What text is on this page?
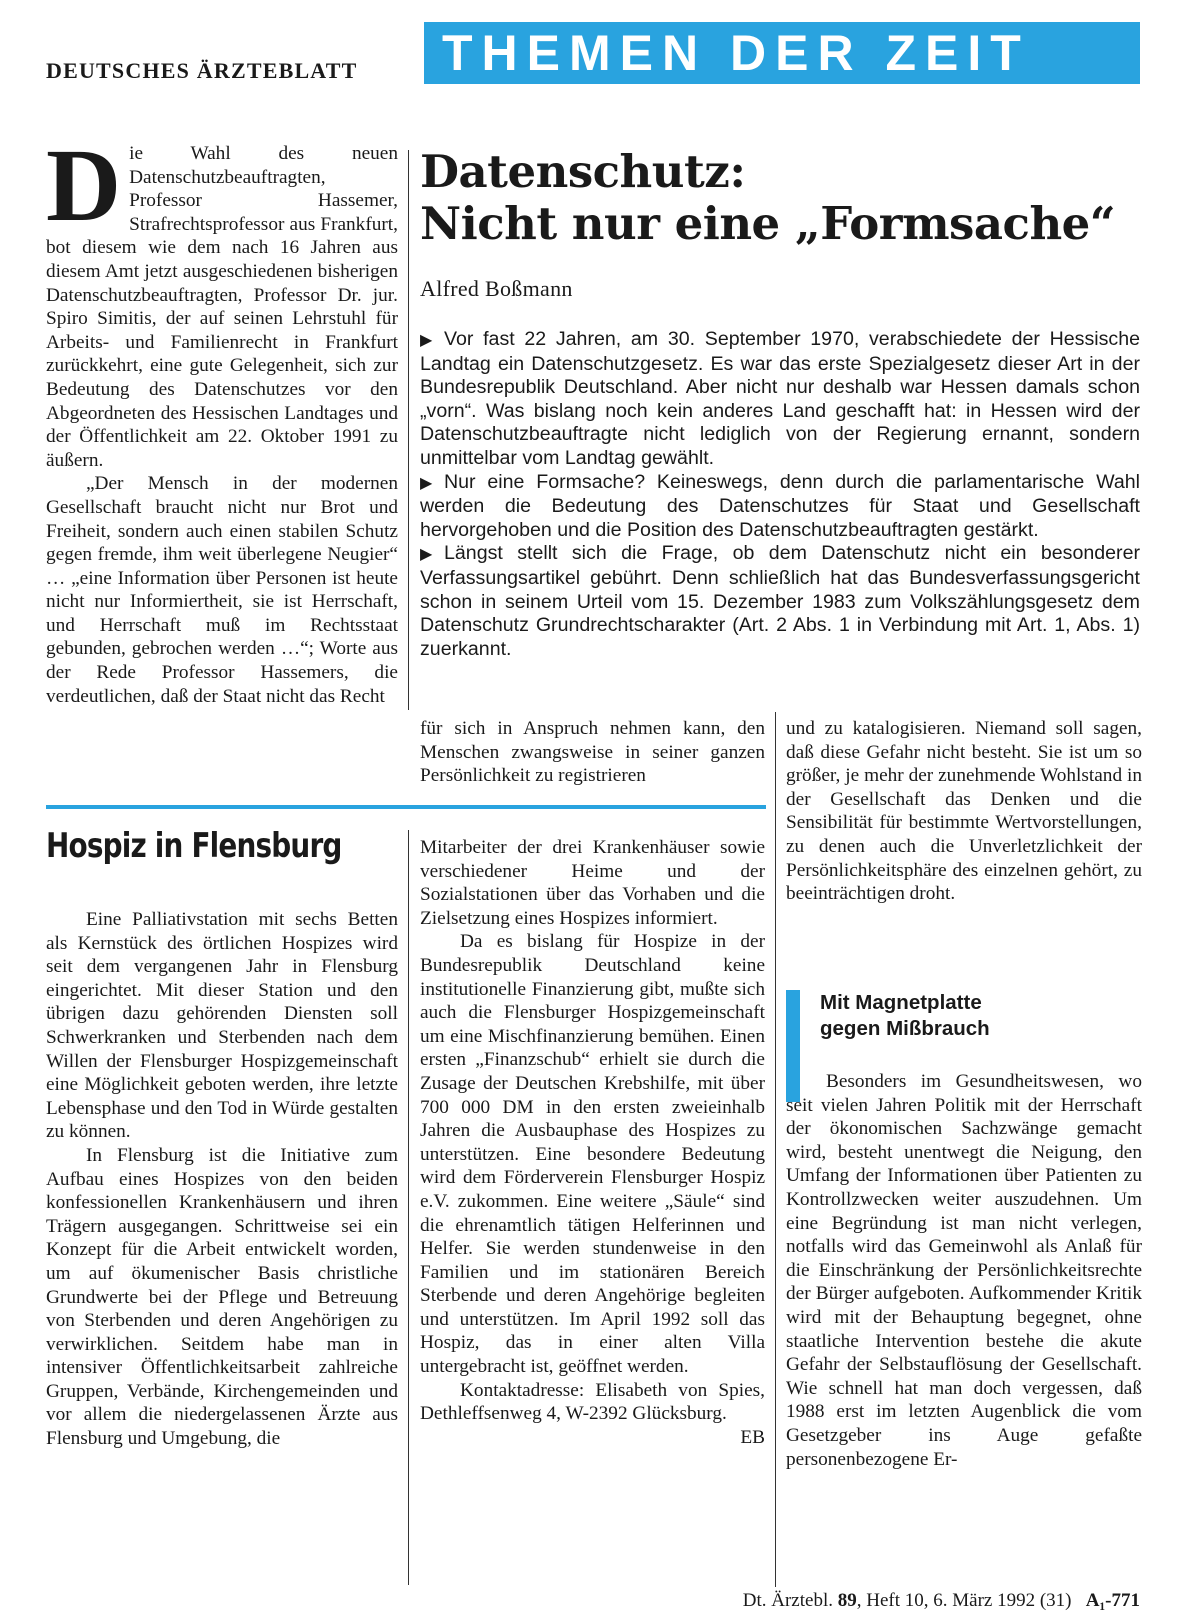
DEUTSCHES ÄRZTEBLATT	THEMEN DER ZEIT

Die Wahl des neuen Datenschutzbeauftragten, Professor Hassemer, Strafrechtsprofessor aus Frankfurt, bot diesem wie dem nach 16 Jahren aus diesem Amt jetzt ausgeschiedenen bisherigen Datenschutzbeauftragten, Professor Dr. jur. Spiro Simitis, der auf seinen Lehrstuhl für Arbeits- und Familienrecht in Frankfurt zurückkehrt, eine gute Gelegenheit, sich zur Bedeutung des Datenschutzes vor den Abgeordneten des Hessischen Landtages und der Öffentlichkeit am 22. Oktober 1991 zu äußern.

„Der Mensch in der modernen Gesellschaft braucht nicht nur Brot und Freiheit, sondern auch einen stabilen Schutz gegen fremde, ihm weit überlegene Neugier“ … „eine Information über Personen ist heute nicht nur Informiertheit, sie ist Herrschaft, und Herrschaft muß im Rechtsstaat gebunden, gebrochen werden …“; Worte aus der Rede Professor Hassemers, die verdeutlichen, daß der Staat nicht das Recht

Datenschutz:
Nicht nur eine „Formsache“
Alfred Boßmann

▶ Vor fast 22 Jahren, am 30. September 1970, verabschiedete der Hessische Landtag ein Datenschutzgesetz. Es war das erste Spezialgesetz dieser Art in der Bundesrepublik Deutschland. Aber nicht nur deshalb war Hessen damals schon „vorn“. Was bislang noch kein anderes Land geschafft hat: in Hessen wird der Datenschutzbeauftragte nicht lediglich von der Regierung ernannt, sondern unmittelbar vom Landtag gewählt.

▶ Nur eine Formsache? Keineswegs, denn durch die parlamentarische Wahl werden die Bedeutung des Datenschutzes für Staat und Gesellschaft hervorgehoben und die Position des Datenschutzbeauftragten gestärkt.

▶ Längst stellt sich die Frage, ob dem Datenschutz nicht ein besonderer Verfassungsartikel gebührt. Denn schließlich hat das Bundesverfassungsgericht schon in seinem Urteil vom 15. Dezember 1983 zum Volkszählungsgesetz dem Datenschutz Grundrechtscharakter (Art. 2 Abs. 1 in Verbindung mit Art. 1, Abs. 1) zuerkannt.

für sich in Anspruch nehmen kann, den Menschen zwangsweise in seiner ganzen Persönlichkeit zu registrieren

und zu katalogisieren. Niemand soll sagen, daß diese Gefahr nicht besteht. Sie ist um so größer, je mehr der zunehmende Wohlstand in der Gesellschaft das Denken und die Sensibilität für bestimmte Wertvorstellungen, zu denen auch die Unverletzlichkeit der Persönlichkeitsphäre des einzelnen gehört, zu beeinträchtigen droht.

Hospiz in Flensburg

Eine Palliativstation mit sechs Betten als Kernstück des örtlichen Hospizes wird seit dem vergangenen Jahr in Flensburg eingerichtet. Mit dieser Station und den übrigen dazu gehörenden Diensten soll Schwerkranken und Sterbenden nach dem Willen der Flensburger Hospizgemeinschaft eine Möglichkeit geboten werden, ihre letzte Lebensphase und den Tod in Würde gestalten zu können.

In Flensburg ist die Initiative zum Aufbau eines Hospizes von den beiden konfessionellen Krankenhäusern und ihren Trägern ausgegangen. Schrittweise sei ein Konzept für die Arbeit entwickelt worden, um auf ökumenischer Basis christliche Grundwerte bei der Pflege und Betreuung von Sterbenden und deren Angehörigen zu verwirklichen. Seitdem habe man in intensiver Öffentlichkeitsarbeit zahlreiche Gruppen, Verbände, Kirchengemeinden und vor allem die niedergelassenen Ärzte aus Flensburg und Umgebung, die

Mitarbeiter der drei Krankenhäuser sowie verschiedener Heime und der Sozialstationen über das Vorhaben und die Zielsetzung eines Hospizes informiert.

Da es bislang für Hospize in der Bundesrepublik Deutschland keine institutionelle Finanzierung gibt, mußte sich auch die Flensburger Hospizgemeinschaft um eine Mischfinanzierung bemühen. Einen ersten „Finanzschub“ erhielt sie durch die Zusage der Deutschen Krebshilfe, mit über 700 000 DM in den ersten zweieinhalb Jahren die Ausbauphase des Hospizes zu unterstützen. Eine besondere Bedeutung wird dem Förderverein Flensburger Hospiz e.V. zukommen. Eine weitere „Säule“ sind die ehrenamtlich tätigen Helferinnen und Helfer. Sie werden stundenweise in den Familien und im stationären Bereich Sterbende und deren Angehörige begleiten und unterstützen. Im April 1992 soll das Hospiz, das in einer alten Villa untergebracht ist, geöffnet werden.

Kontaktadresse: Elisabeth von Spies, Dethleffsenweg 4, W-2392 Glücksburg.
EB

Mit Magnetplatte
gegen Mißbrauch

Besonders im Gesundheitswesen, wo seit vielen Jahren Politik mit der Herrschaft der ökonomischen Sachzwänge gemacht wird, besteht unentwegt die Neigung, den Umfang der Informationen über Patienten zu Kontrollzwecken weiter auszudehnen. Um eine Begründung ist man nicht verlegen, notfalls wird das Gemeinwohl als Anlaß für die Einschränkung der Persönlichkeitsrechte der Bürger aufgeboten. Aufkommender Kritik wird mit der Behauptung begegnet, ohne staatliche Intervention bestehe die akute Gefahr der Selbstauflösung der Gesellschaft. Wie schnell hat man doch vergessen, daß 1988 erst im letzten Augenblick die vom Gesetzgeber ins Auge gefaßte personenbezogene Er-

Dt. Ärztebl. 89, Heft 10, 6. März 1992 (31) A₁-771
